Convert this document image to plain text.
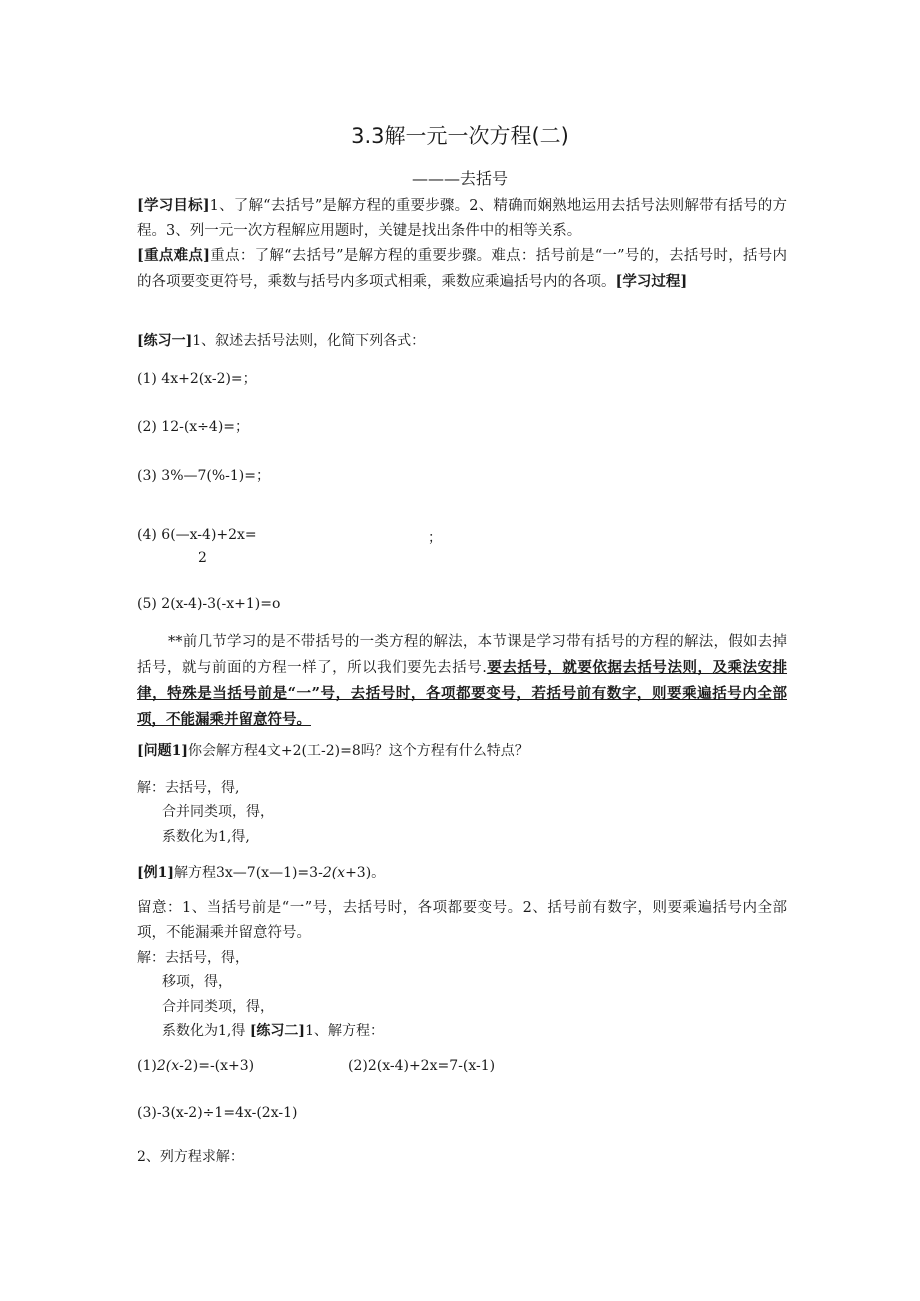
3.3解一元一次方程(二)
———去括号
[学习目标]1、了解“去括号”是解方程的重要步骤。2、精确而娴熟地运用去括号法则解带有括号的方程。3、列一元一次方程解应用题时，关键是找出条件中的相等关系。
[重点难点]重点：了解“去括号”是解方程的重要步骤。难点：括号前是“一”号的，去括号时，括号内的各项要变更符号，乘数与括号内多项式相乘，乘数应乘遍括号内的各项。[学习过程]
[练习一]1、叙述去括号法则，化简下列各式：
(1) 4x+2(x-2)=；
(2) 12-(x÷4)=；
(3) 3%—7(%-1)=；
(4) 6(—x-4)+2x=	；
2
(5) 2(x-4)-3(-x+1)=o
**前几节学习的是不带括号的一类方程的解法，本节课是学习带有括号的方程的解法，假如去掉括号，就与前面的方程一样了，所以我们要先去括号.要去括号，就要依据去括号法则，及乘法安排律，特殊是当括号前是“一”号，去括号时，各项都要变号，若括号前有数字，则要乘遍括号内全部项，不能漏乘并留意符号。
[问题1]你会解方程4文+2(工-2)=8吗？这个方程有什么特点？
解：去括号，得,
合并同类项，得，
系数化为1,得,
[例1]解方程3x—7(x—1)=3-2(x+3)。
留意：1、当括号前是“一”号，去括号时，各项都要变号。2、括号前有数字，则要乘遍括号内全部项，不能漏乘并留意符号。
解：去括号，得，
移项，得，
合并同类项，得，
系数化为1,得 [练习二]1、解方程：
(1)2(x-2)=-(x+3)	(2)2(x-4)+2x=7-(x-1)
(3)-3(x-2)÷1=4x-(2x-1)
2、列方程求解：
